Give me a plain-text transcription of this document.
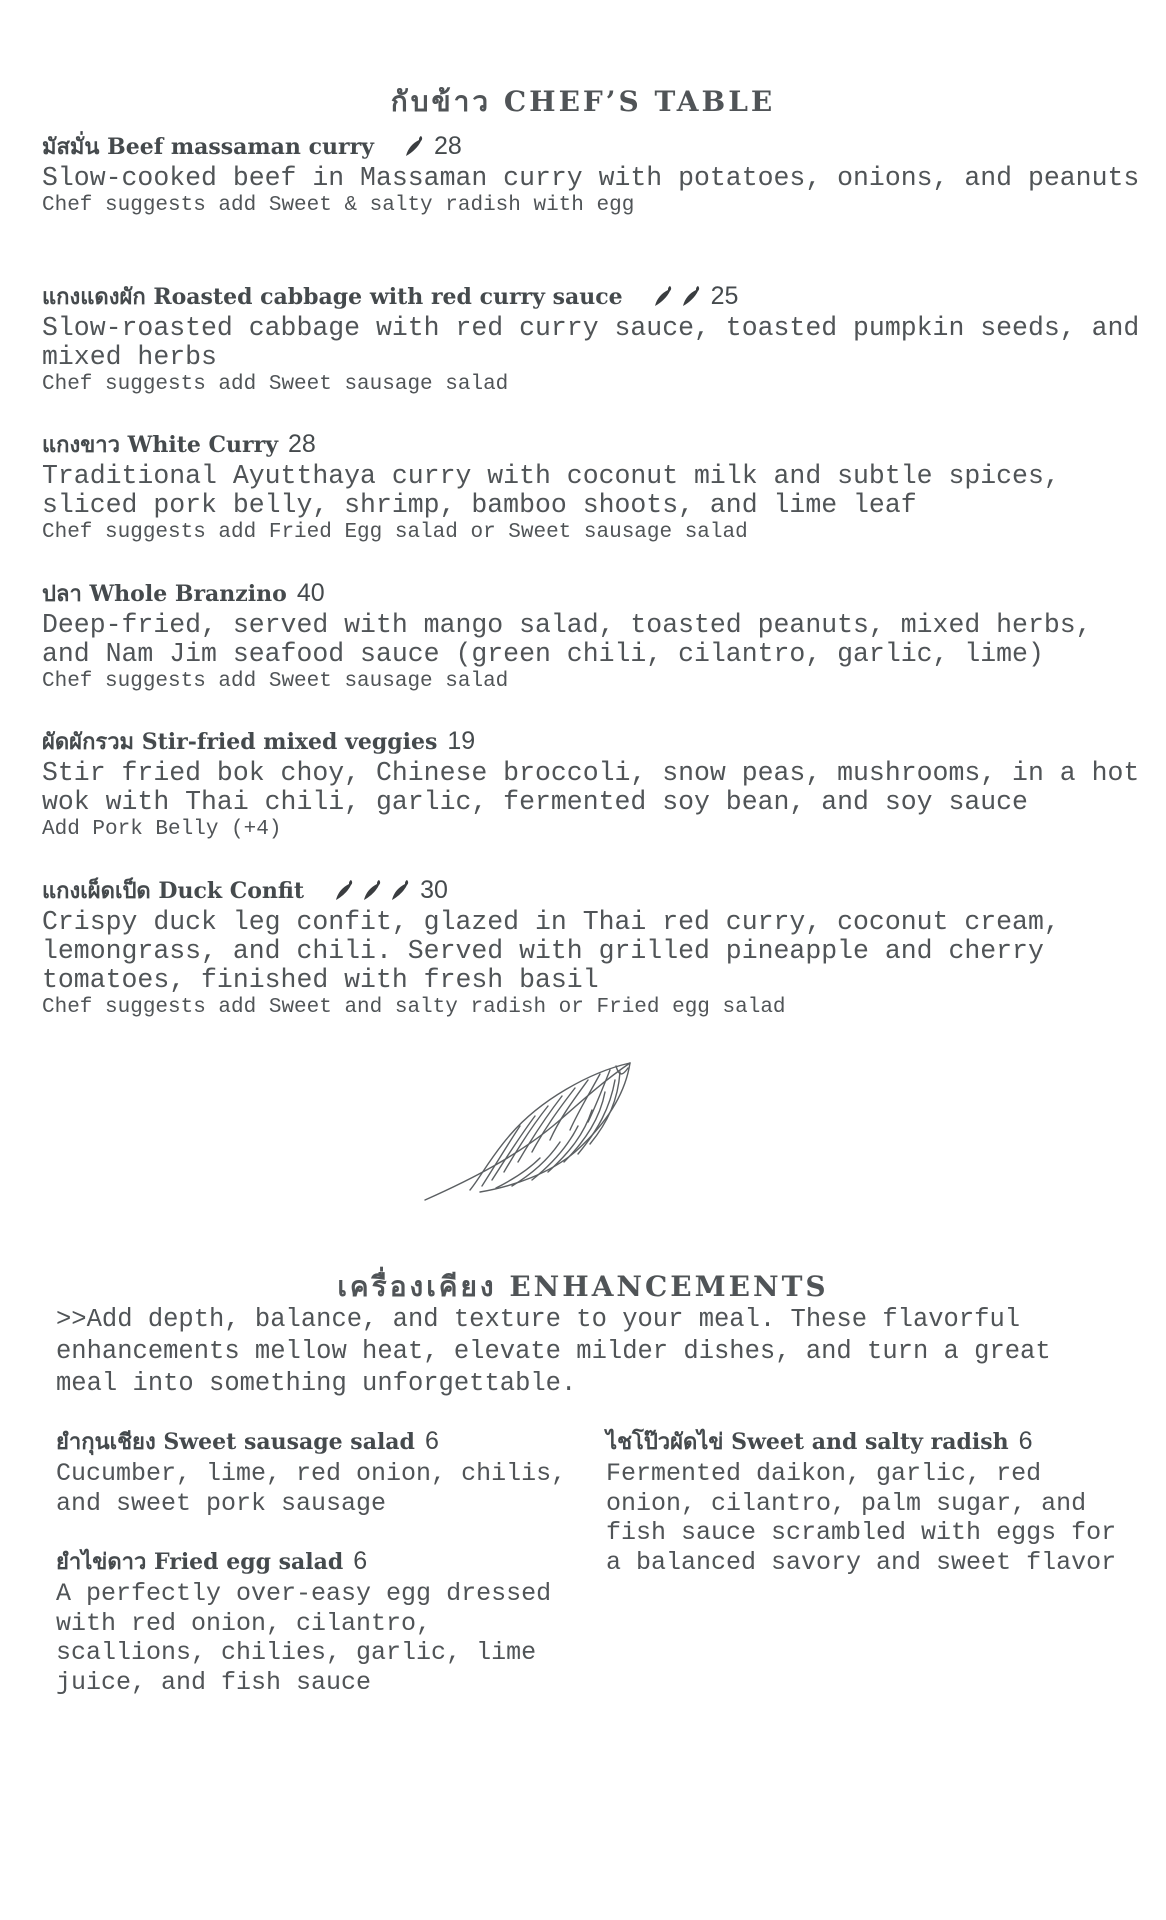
กับข้าว CHEF’S TABLE
มัสมั่น Beef massaman curry 28
Slow-cooked beef in Massaman curry with potatoes, onions, and peanuts
Chef suggests add Sweet & salty radish with egg
แกงแดงผัก Roasted cabbage with red curry sauce	25
Slow-roasted cabbage with red curry sauce, toasted pumpkin seeds, and mixed herbs
Chef suggests add Sweet sausage salad
แกงขาว White Curry 28
Traditional Ayutthaya curry with coconut milk and subtle spices, sliced pork belly, shrimp, bamboo shoots, and lime leaf
Chef suggests add Fried Egg salad or Sweet sausage salad
ปลา Whole Branzino 40
Deep-fried, served with mango salad, toasted peanuts, mixed herbs, and Nam Jim seafood sauce (green chili, cilantro, garlic, lime)
Chef suggests add Sweet sausage salad
ผัดผักรวม Stir-fried mixed veggies 19
Stir fried bok choy, Chinese broccoli, snow peas, mushrooms, in a hot wok with Thai chili, garlic, fermented soy bean, and soy sauce
Add Pork Belly (+4)
แกงเผ็ดเป็ด Duck Confit	30
Crispy duck leg confit, glazed in Thai red curry, coconut cream, lemongrass, and chili. Served with grilled pineapple and cherry tomatoes, finished with fresh basil
Chef suggests add Sweet and salty radish or Fried egg salad
เครื่องเคียง ENHANCEMENTS
>>Add depth, balance, and texture to your meal. These flavorful enhancements mellow heat, elevate milder dishes, and turn a great meal into something unforgettable.
ยำกุนเชียง Sweet sausage salad 6
Cucumber, lime, red onion, chilis, and sweet pork sausage
ยำไข่ดาว Fried egg salad 6
A perfectly over-easy egg dressed with red onion, cilantro, scallions, chilies, garlic, lime juice, and fish sauce
ไชโป๊วผัดไข่ Sweet and salty radish 6
Fermented daikon, garlic, red onion, cilantro, palm sugar, and fish sauce scrambled with eggs for a balanced savory and sweet flavor
